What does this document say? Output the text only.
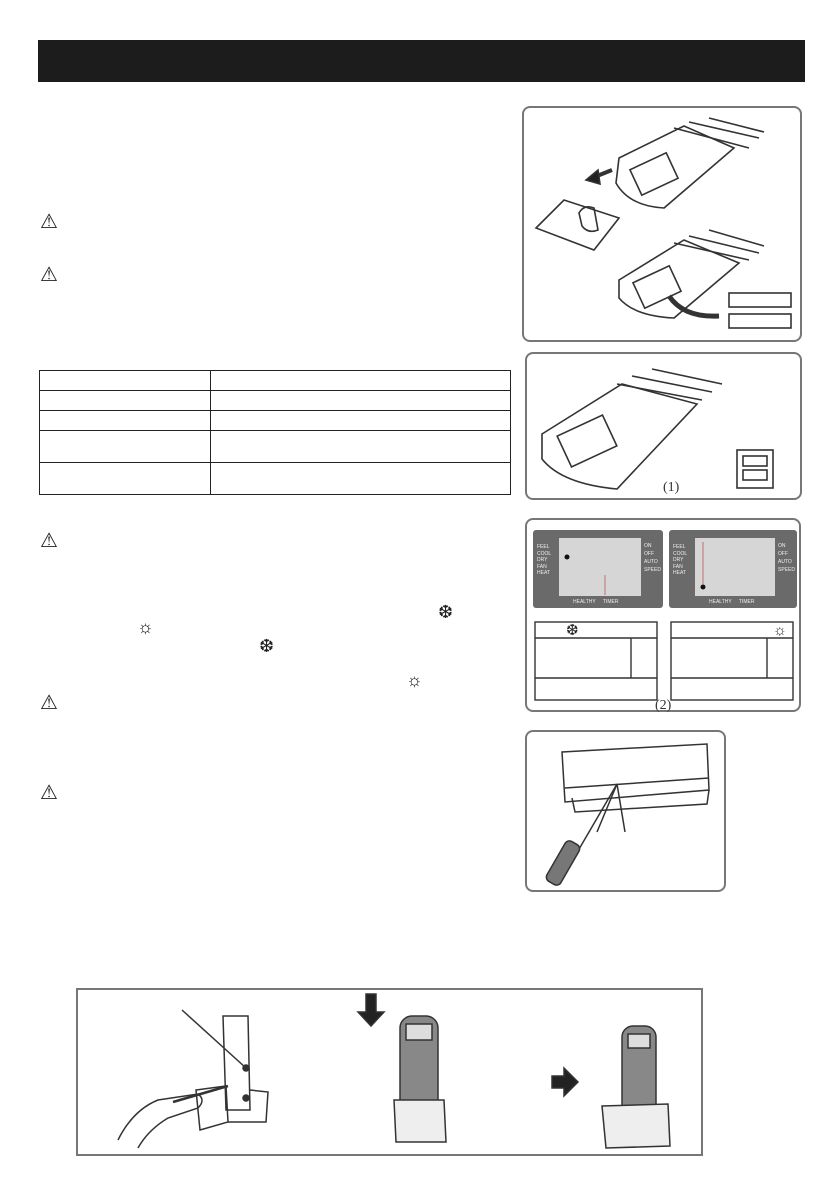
⚠
⚠
⚠
⚠
⚠
❆
☼
❆
☼

(1)
FEEL
COOL
DRY
FAN
HEAT
ON
OFF
AUTO
SPEED
HEALTHY TIMER
FEEL
COOL
DRY
FAN
HEAT
ON
OFF
AUTO
SPEED
HEALTHY TIMER
❆	☼
(2)
